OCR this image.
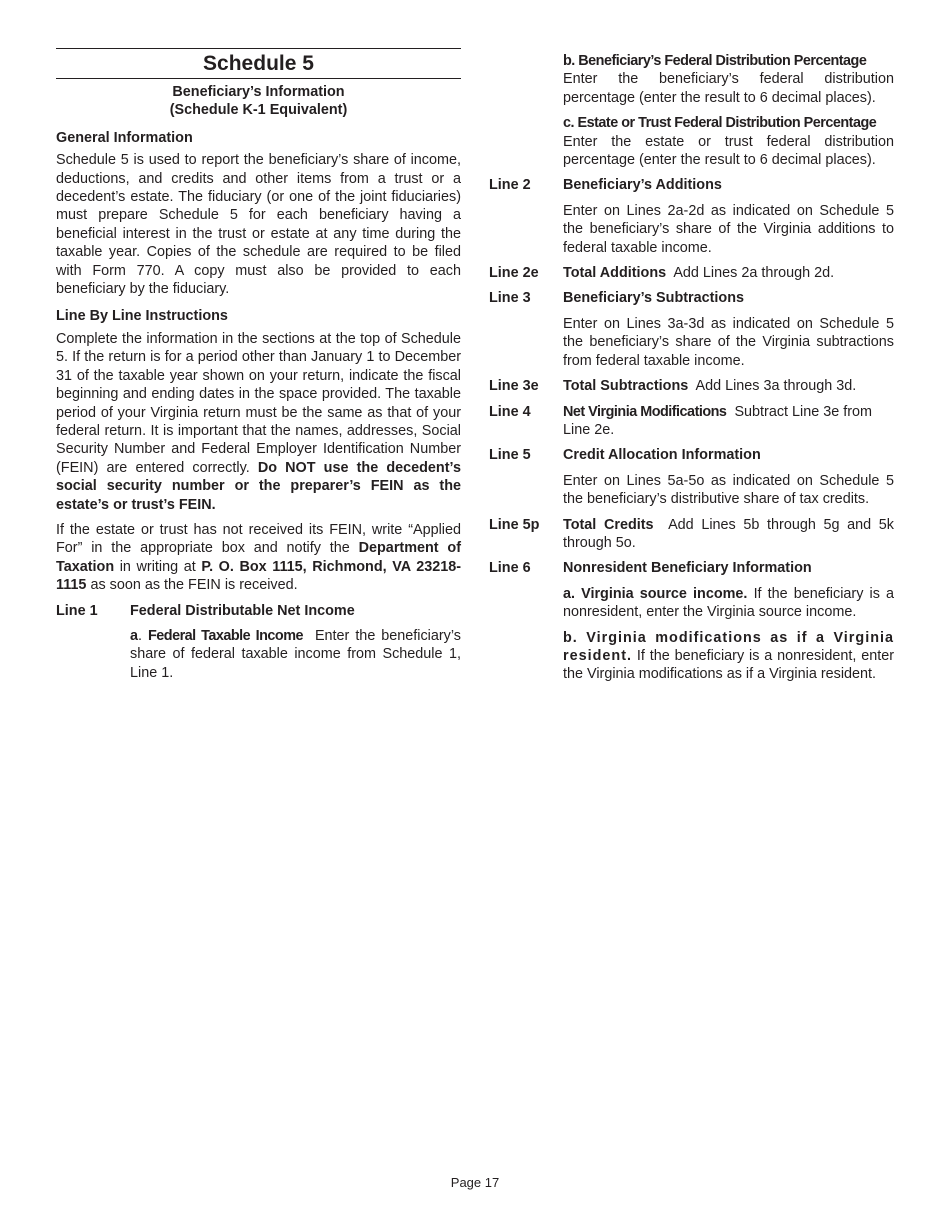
Schedule 5
Beneficiary’s Information
(Schedule K-1 Equivalent)
General Information

Schedule 5 is used to report the beneficiary’s share of income, deductions, and credits and other items from a trust or a decedent’s estate. The fiduciary (or one of the joint fiduciaries) must prepare Schedule 5 for each beneficiary having a beneficial interest in the trust or estate at any time during the taxable year. Copies of the schedule are required to be filed with Form 770. A copy must also be provided to each beneficiary by the fiduciary.

Line By Line Instructions

Complete the information in the sections at the top of Schedule 5. If the return is for a period other than January 1 to December 31 of the taxable year shown on your return, indicate the fiscal beginning and ending dates in the space provided. The taxable period of your Virginia return must be the same as that of your federal return. It is important that the names, addresses, Social Security Number and Federal Employer Identification Number (FEIN) are entered correctly. Do NOT use the decedent’s social security number or the preparer’s FEIN as the estate’s or trust’s FEIN.

If the estate or trust has not received its FEIN, write “Applied For” in the appropriate box and notify the Department of Taxation in writing at P. O. Box 1115, Richmond, VA 23218-1115 as soon as the FEIN is received.

Line 1	Federal Distributable Net Income

a. Federal Taxable Income Enter the beneficiary’s share of federal taxable income from Schedule 1, Line 1.

b. Beneficiary’s Federal Distribution Percentage

Enter the beneficiary’s federal distribution percentage (enter the result to 6 decimal places).

c. Estate or Trust Federal Distribution Percentage

Enter the estate or trust federal distribution percentage (enter the result to 6 decimal places).

Line 2	Beneficiary’s Additions

Enter on Lines 2a-2d as indicated on Schedule 5 the beneficiary’s share of the Virginia additions to federal taxable income.

Line 2e	Total Additions Add Lines 2a through 2d.
Line 3	Beneficiary’s Subtractions

Enter on Lines 3a-3d as indicated on Schedule 5 the beneficiary’s share of the Virginia subtractions from federal taxable income.

Line 3e	Total Subtractions Add Lines 3a through 3d.
Line 4	Net Virginia Modifications Subtract Line 3e from Line 2e.
Line 5	Credit Allocation Information

Enter on Lines 5a-5o as indicated on Schedule 5 the beneficiary’s distributive share of tax credits.

Line 5p	Total Credits Add Lines 5b through 5g and 5k through 5o.
Line 6	Nonresident Beneficiary Information

a. Virginia source income. If the beneficiary is a nonresident, enter the Virginia source income.

b. Virginia modifications as if a Virginia resident. If the beneficiary is a nonresident, enter the Virginia modifications as if a Virginia resident.

Page 17
